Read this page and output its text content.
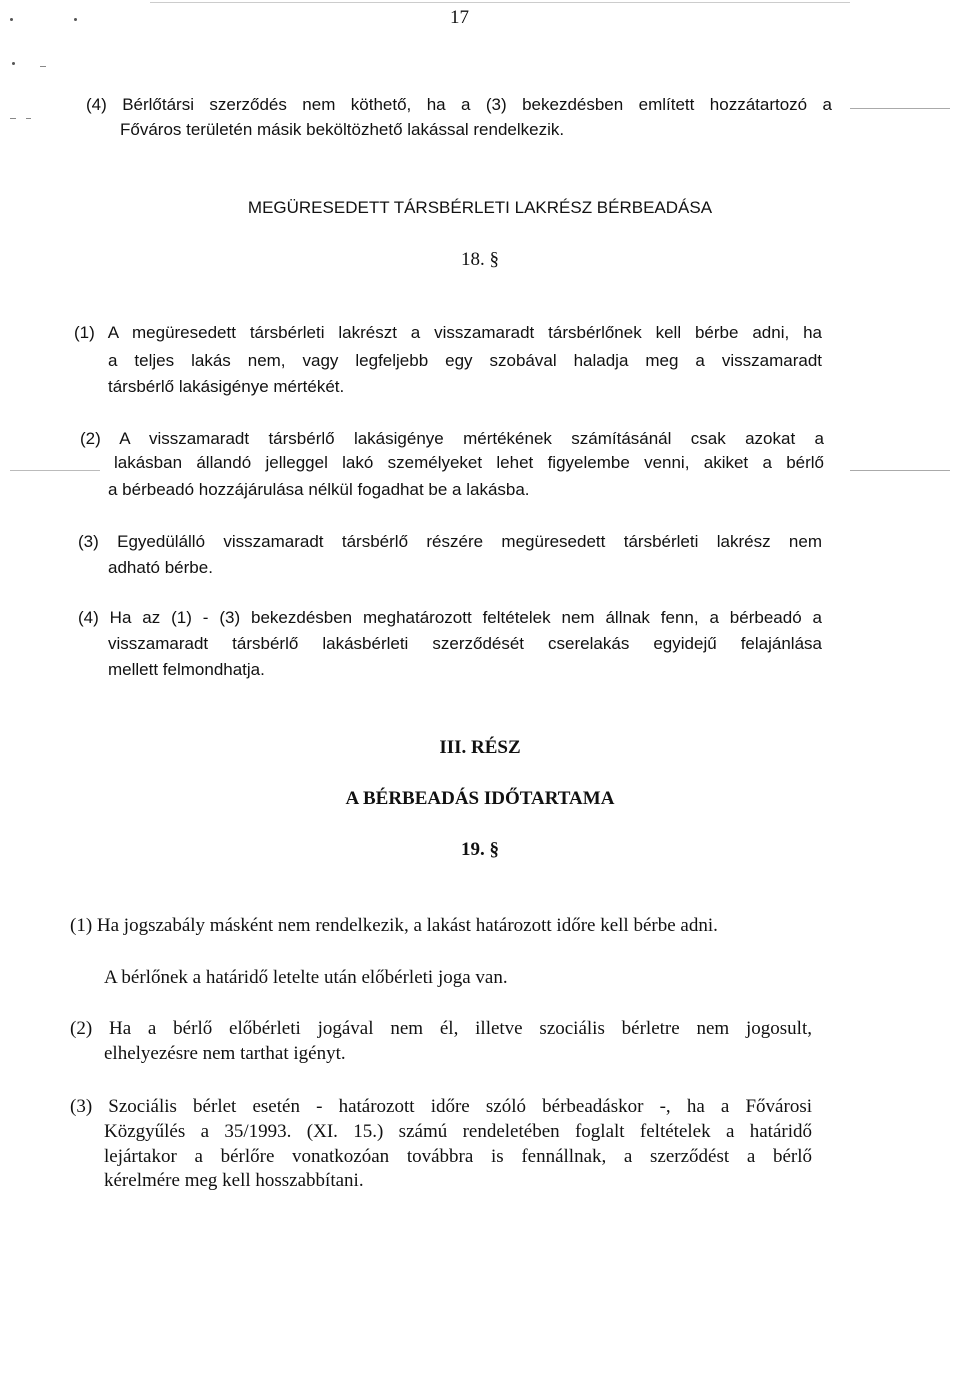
17
(4) Bérlőtársi szerződés nem köthető, ha a (3) bekezdésben említett hozzátartozó a
Főváros területén másik beköltözhető lakással rendelkezik.
MEGÜRESEDETT TÁRSBÉRLETI LAKRÉSZ BÉRBEADÁSA
18. §
(1) A megüresedett társbérleti lakrészt a visszamaradt társbérlőnek kell bérbe adni, ha
a teljes lakás nem, vagy legfeljebb egy szobával haladja meg a visszamaradt
társbérlő lakásigénye mértékét.
(2) A visszamaradt társbérlő lakásigénye mértékének számításánál csak azokat a
lakásban állandó jelleggel lakó személyeket lehet figyelembe venni, akiket a bérlő
a bérbeadó hozzájárulása nélkül fogadhat be a lakásba.
(3) Egyedülálló visszamaradt társbérlő részére megüresedett társbérleti lakrész nem
adható bérbe.
(4) Ha az (1) - (3) bekezdésben meghatározott feltételek nem állnak fenn, a bérbeadó a
visszamaradt társbérlő lakásbérleti szerződését cserelakás egyidejű felajánlása
mellett felmondhatja.
III. RÉSZ
A BÉRBEADÁS IDŐTARTAMA
19. §
(1) Ha jogszabály másként nem rendelkezik, a lakást határozott időre kell bérbe adni.
A bérlőnek a határidő letelte után előbérleti joga van.
(2) Ha a bérlő előbérleti jogával nem él, illetve szociális bérletre nem jogosult,
elhelyezésre nem tarthat igényt.
(3) Szociális bérlet esetén - határozott időre szóló bérbeadáskor -, ha a Fővárosi
Közgyűlés a 35/1993. (XI. 15.) számú rendeletében foglalt feltételek a határidő
lejártakor a bérlőre vonatkozóan továbbra is fennállnak, a szerződést a bérlő
kérelmére meg kell hosszabbítani.
